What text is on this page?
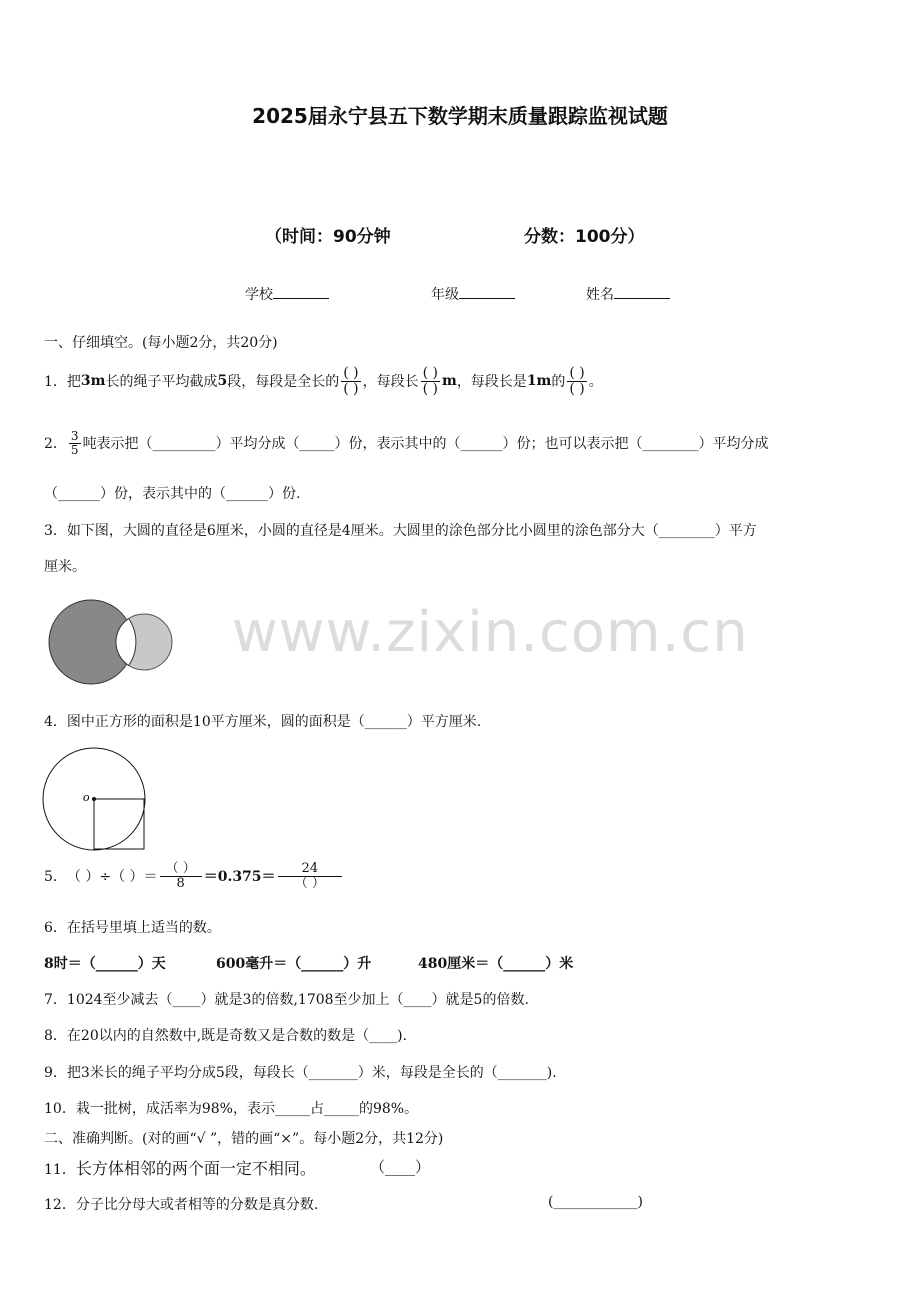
2025届永宁县五下数学期末质量跟踪监视试题
（时间：90分钟	分数：100分）
学校	年级	姓名
一、仔细填空。(每小题2分，共20分)
1． 把 3m 长的绳子平均截成 5 段，每段是全长的 $\frac{( )}{( )}$ ，每段长 $\frac{( )}{( )}$ m ，每段长是 1m 的 $\frac{( )}{( )}$ 。
2． $\frac{3}{5}$ 吨表示把（_________）平均分成（_____）份，表示其中的（______）份；也可以表示把（________）平均分成
（______）份，表示其中的（______）份.
3．如下图，大圆的直径是6厘米，小圆的直径是4厘米。大圆里的涂色部分比小圆里的涂色部分大（________）平方
厘米。
www.zixin.com.cn
4．图中正方形的面积是10平方厘米，圆的面积是（______）平方厘米.
o
5． （ ）÷（ ）＝ $\frac{( )}{8} =0.375= \frac{24}{( )}$
6．在括号里填上适当的数。
8时＝（______）天	600毫升＝（______）升	480厘米＝（______）米
7．1024至少减去（____）就是3的倍数,1708至少加上（____）就是5的倍数.
8．在20以内的自然数中,既是奇数又是合数的数是（____).
9．把3米长的绳子平均分成5段，每段长（_______）米，每段是全长的（_______).
10．栽一批树，成活率为98%，表示_____占_____的98%。
二、准确判断。(对的画“√ ”，错的画“×”。每小题2分，共12分)
11．长方体相邻的两个面一定不相同。	（____）
12．分子比分母大或者相等的分数是真分数.	(____________)
